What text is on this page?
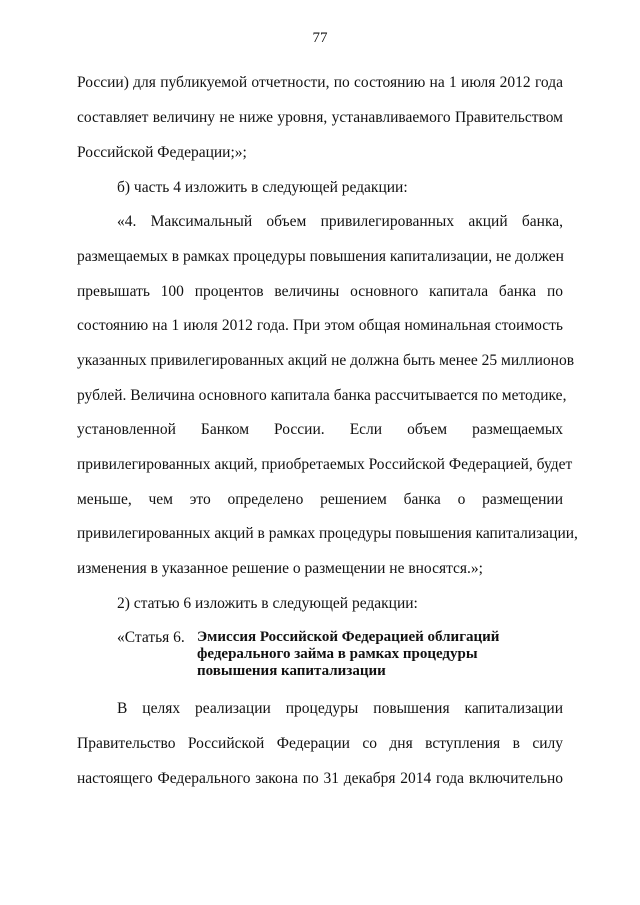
77
России) для публикуемой отчетности, по состоянию на 1 июля 2012 года
составляет величину не ниже уровня, устанавливаемого Правительством
Российской Федерации;»;
б) часть 4 изложить в следующей редакции:
«4. Максимальный объем привилегированных акций банка,
размещаемых в рамках процедуры повышения капитализации, не должен
превышать 100 процентов величины основного капитала банка по
состоянию на 1 июля 2012 года. При этом общая номинальная стоимость
указанных привилегированных акций не должна быть менее 25 миллионов
рублей. Величина основного капитала банка рассчитывается по методике,
установленной Банком России. Если объем размещаемых
привилегированных акций, приобретаемых Российской Федерацией, будет
меньше, чем это определено решением банка о размещении
привилегированных акций в рамках процедуры повышения капитализации,
изменения в указанное решение о размещении не вносятся.»;
2) статью 6 изложить в следующей редакции:
«Статья 6. Эмиссия Российской Федерацией облигаций
федерального займа в рамках процедуры
повышения капитализации
В целях реализации процедуры повышения капитализации
Правительство Российской Федерации со дня вступления в силу
настоящего Федерального закона по 31 декабря 2014 года включительно
